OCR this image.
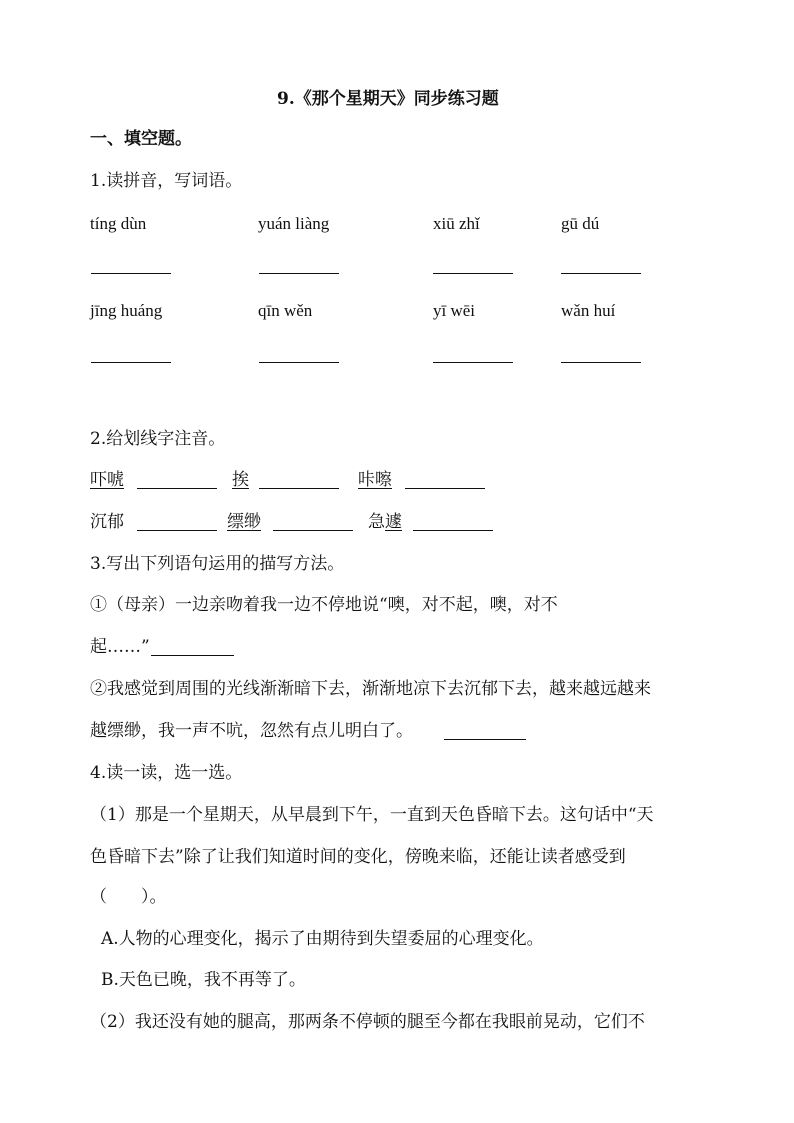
9.《那个星期天》同步练习题
一、填空题。
1.读拼音，写词语。
tíng dùn	yuán liàng	xiū zhǐ	gū dú
jīng huáng	qīn wěn	yī wēi	wǎn huí
2.给划线字注音。
吓唬	挨	咔嚓
沉郁	缥缈	急遽
3.写出下列语句运用的描写方法。
①（母亲）一边亲吻着我一边不停地说“噢，对不起，噢，对不
起……”
②我感觉到周围的光线渐渐暗下去，渐渐地凉下去沉郁下去，越来越远越来
越缥缈，我一声不吭，忽然有点儿明白了。
4.读一读，选一选。
（1）那是一个星期天，从早晨到下午，一直到天色昏暗下去。这句话中“天
色昏暗下去”除了让我们知道时间的变化，傍晚来临，还能让读者感受到
（　　）。
A.人物的心理变化，揭示了由期待到失望委屈的心理变化。
B.天色已晚，我不再等了。
（2）我还没有她的腿高，那两条不停顿的腿至今都在我眼前晃动，它们不
